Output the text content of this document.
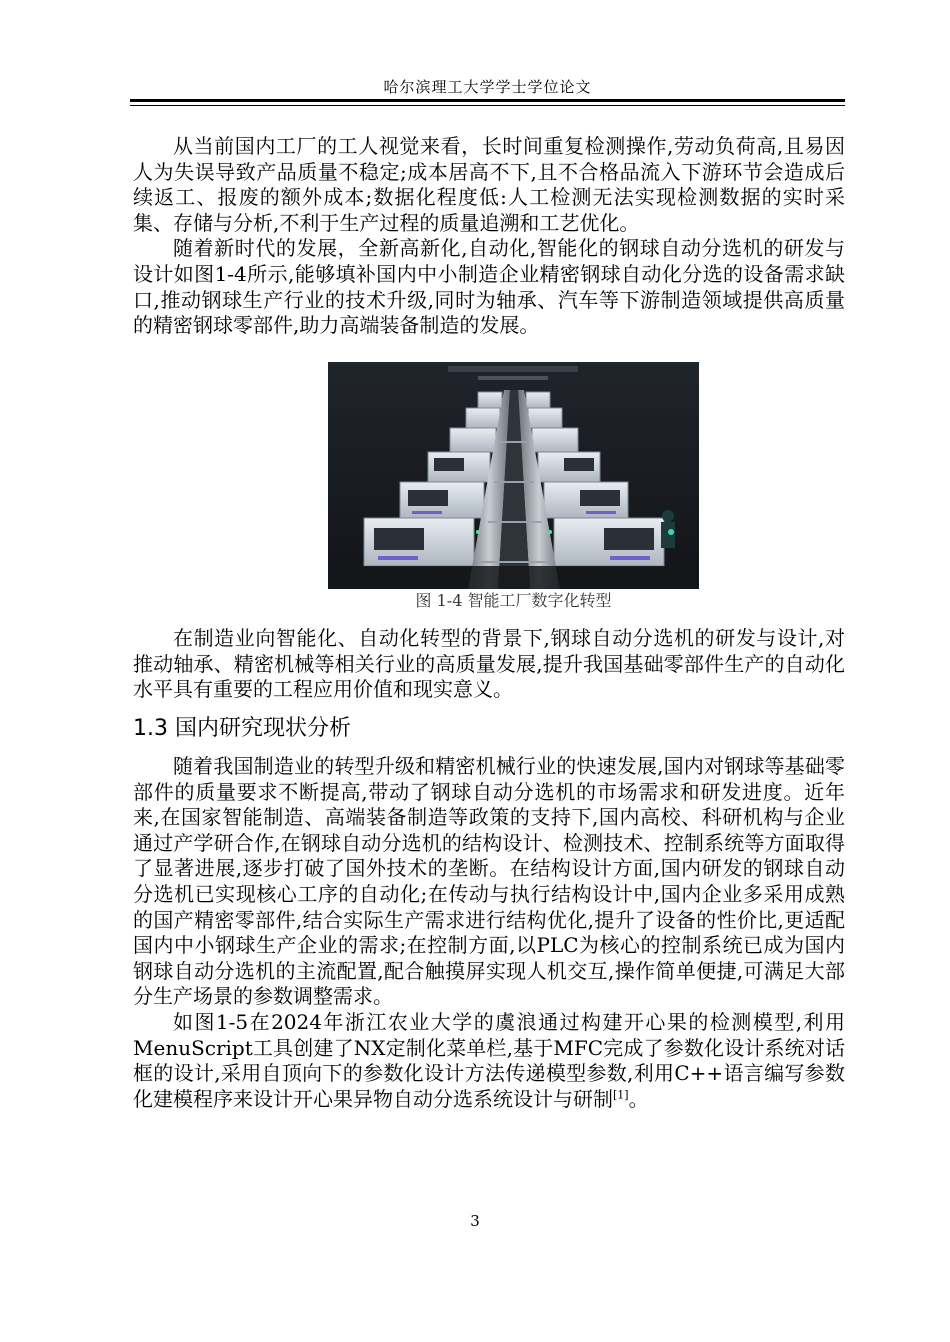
哈尔滨理工大学学士学位论文

从当前国内工厂的工人视觉来看，长时间重复检测操作,劳动负荷高,且易因人为失误导致产品质量不稳定;成本居高不下,且不合格品流入下游环节会造成后续返工、报废的额外成本;数据化程度低:人工检测无法实现检测数据的实时采集、存储与分析,不利于生产过程的质量追溯和工艺优化。

随着新时代的发展，全新高新化,自动化,智能化的钢球自动分选机的研发与设计如图1-4所示,能够填补国内中小制造企业精密钢球自动化分选的设备需求缺口,推动钢球生产行业的技术升级,同时为轴承、汽车等下游制造领域提供高质量的精密钢球零部件,助力高端装备制造的发展。

图 1-4 智能工厂数字化转型

在制造业向智能化、自动化转型的背景下,钢球自动分选机的研发与设计,对推动轴承、精密机械等相关行业的高质量发展,提升我国基础零部件生产的自动化水平具有重要的工程应用价值和现实意义。

1.3 国内研究现状分析

随着我国制造业的转型升级和精密机械行业的快速发展,国内对钢球等基础零部件的质量要求不断提高,带动了钢球自动分选机的市场需求和研发进度。近年来,在国家智能制造、高端装备制造等政策的支持下,国内高校、科研机构与企业通过产学研合作,在钢球自动分选机的结构设计、检测技术、控制系统等方面取得了显著进展,逐步打破了国外技术的垄断。在结构设计方面,国内研发的钢球自动分选机已实现核心工序的自动化;在传动与执行结构设计中,国内企业多采用成熟的国产精密零部件,结合实际生产需求进行结构优化,提升了设备的性价比,更适配国内中小钢球生产企业的需求;在控制方面,以PLC为核心的控制系统已成为国内钢球自动分选机的主流配置,配合触摸屏实现人机交互,操作简单便捷,可满足大部分生产场景的参数调整需求。

如图1-5在2024年浙江农业大学的虞浪通过构建开心果的检测模型,利用MenuScript工具创建了NX定制化菜单栏,基于MFC完成了参数化设计系统对话框的设计,采用自顶向下的参数化设计方法传递模型参数,利用C++语言编写参数化建模程序来设计开心果异物自动分选系统设计与研制[1]。

3
